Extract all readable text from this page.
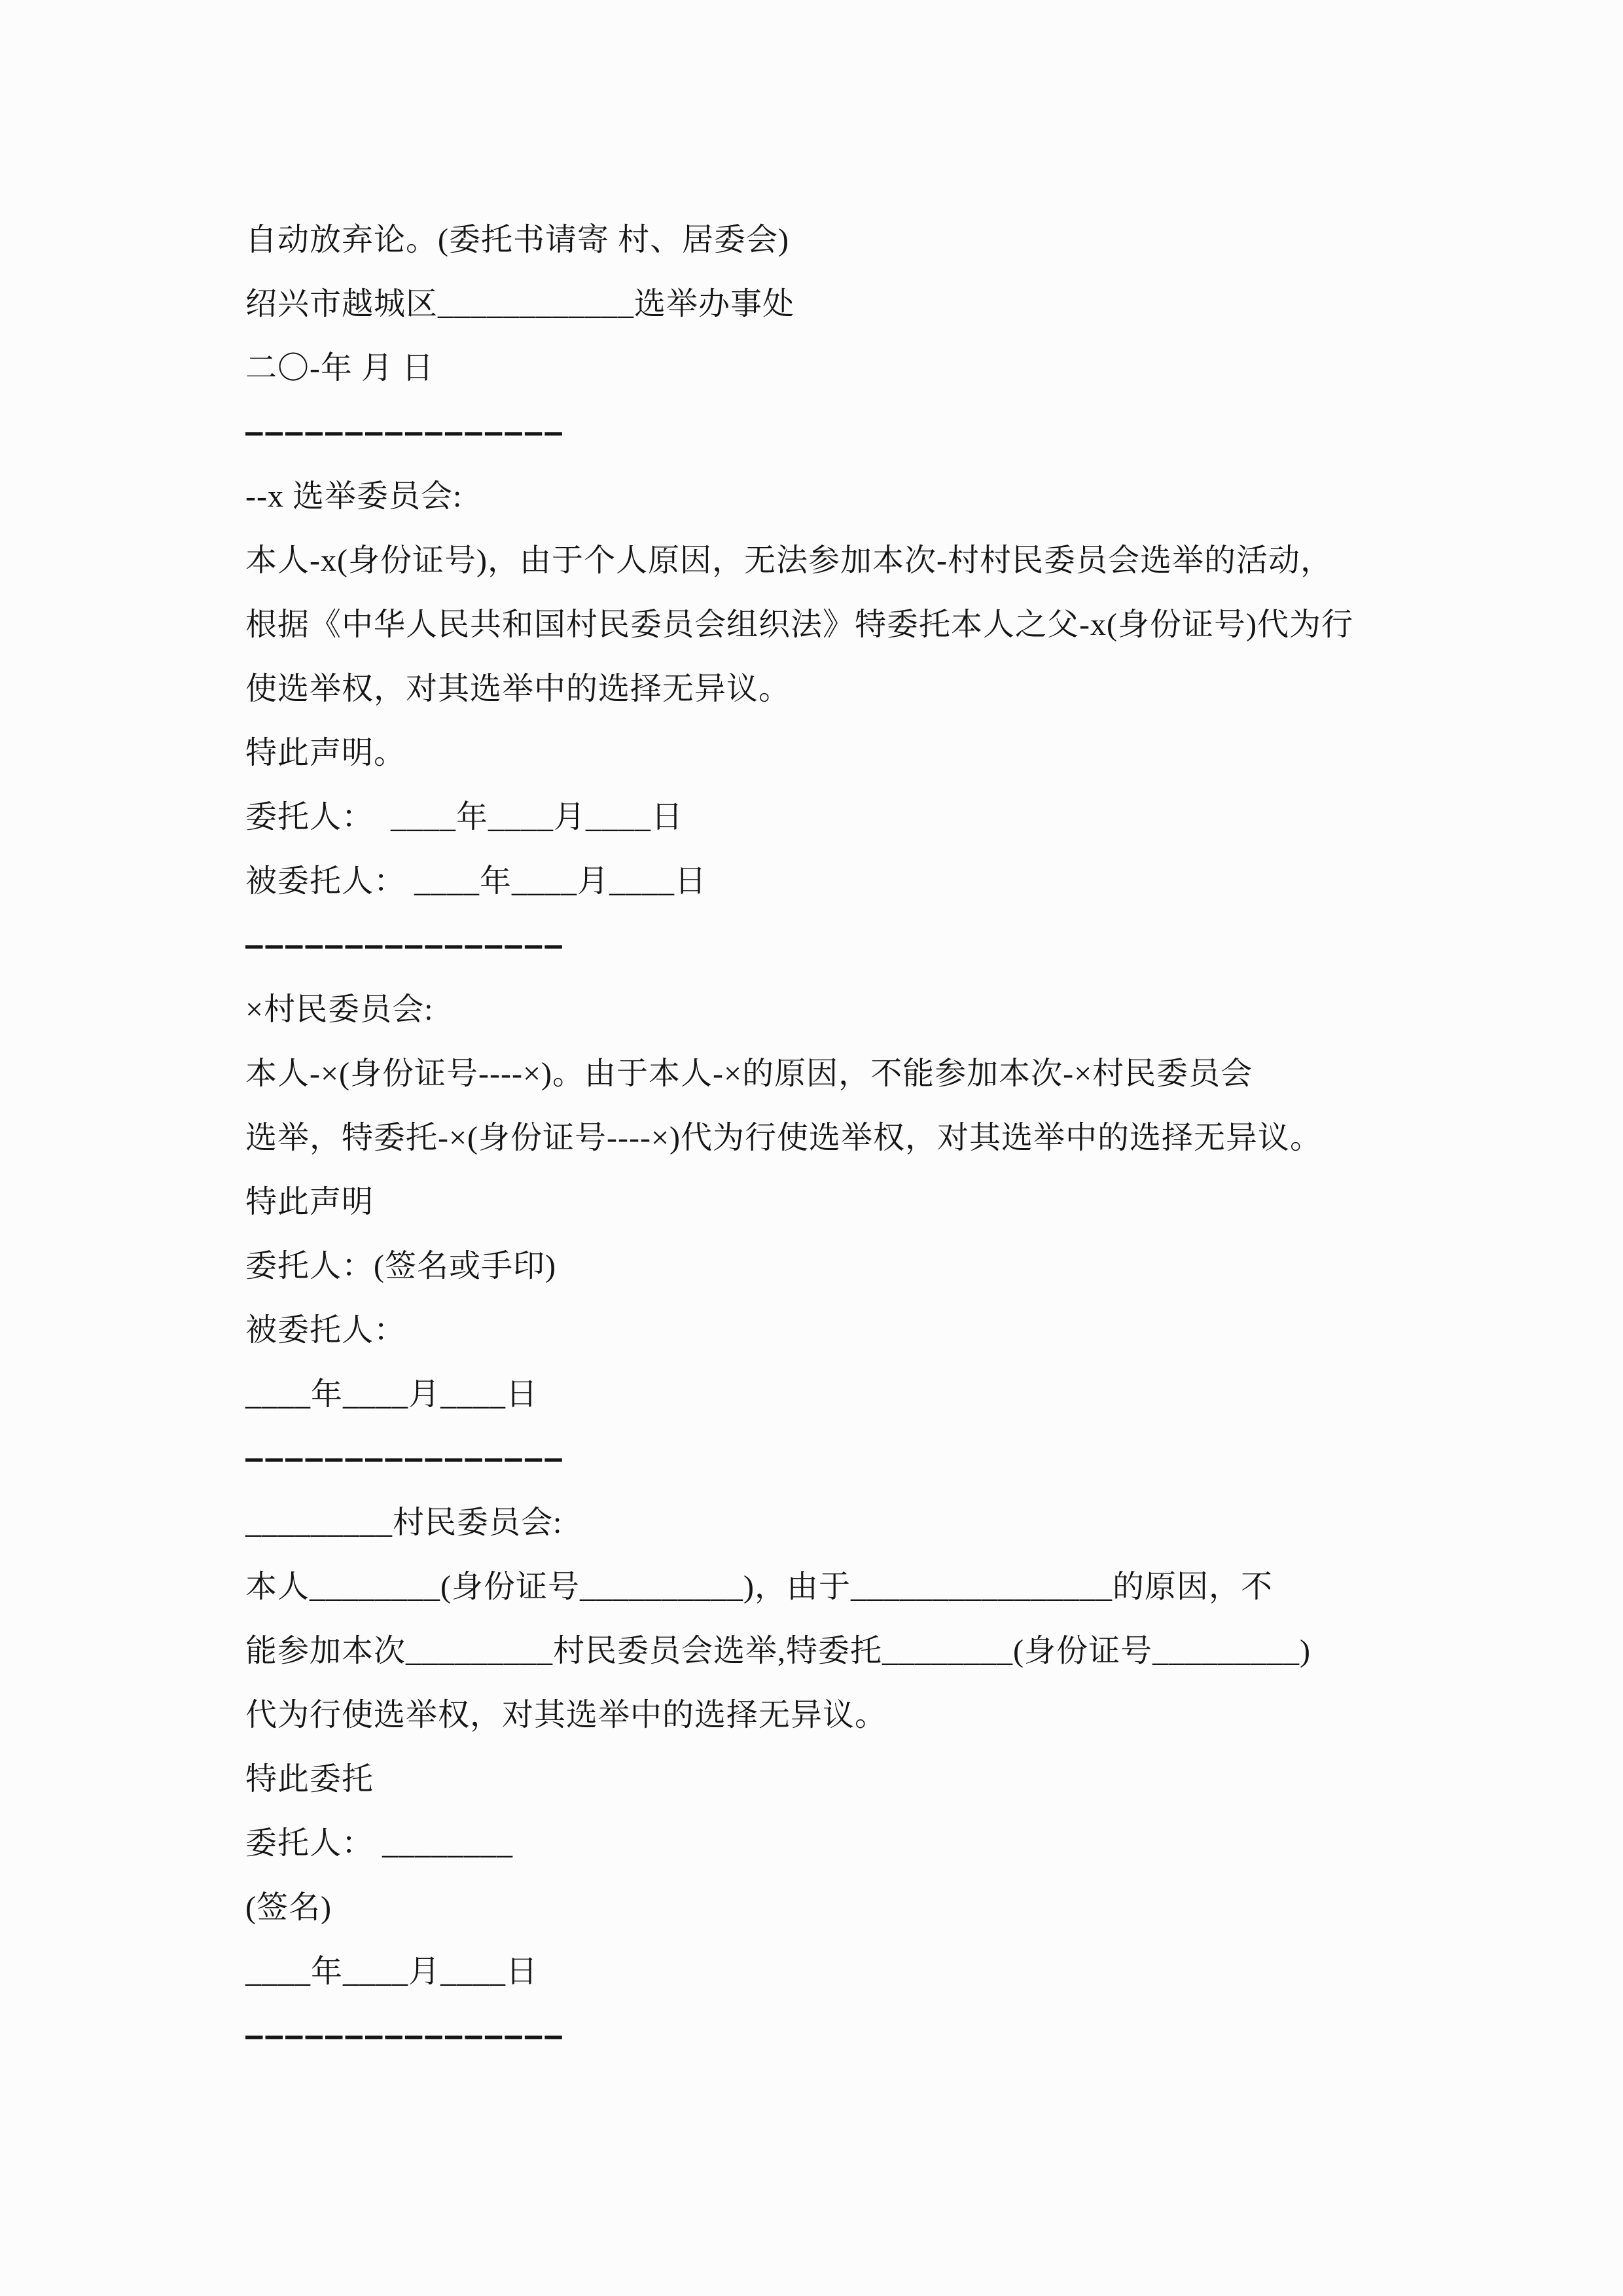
自动放弃论。(委托书请寄 村、居委会)
绍兴市越城区____________选举办事处
二〇-年 月 日
————————————————
--x 选举委员会:
本人-x(身份证号)，由于个人原因，无法参加本次-村村民委员会选举的活动，
根据《中华人民共和国村民委员会组织法》特委托本人之父-x(身份证号)代为行
使选举权，对其选举中的选择无异议。
特此声明。
委托人：  ____年____月____日
被委托人： ____年____月____日
————————————————
×村民委员会:
本人-×(身份证号----×)。由于本人-×的原因，不能参加本次-×村民委员会
选举，特委托-×(身份证号----×)代为行使选举权，对其选举中的选择无异议。
特此声明
委托人：(签名或手印)
被委托人：
____年____月____日
————————————————
_________村民委员会:
本人________(身份证号__________)，由于________________的原因，不
能参加本次_________村民委员会选举,特委托________(身份证号_________)
代为行使选举权，对其选举中的选择无异议。
特此委托
委托人： ________
(签名)
____年____月____日
————————————————
